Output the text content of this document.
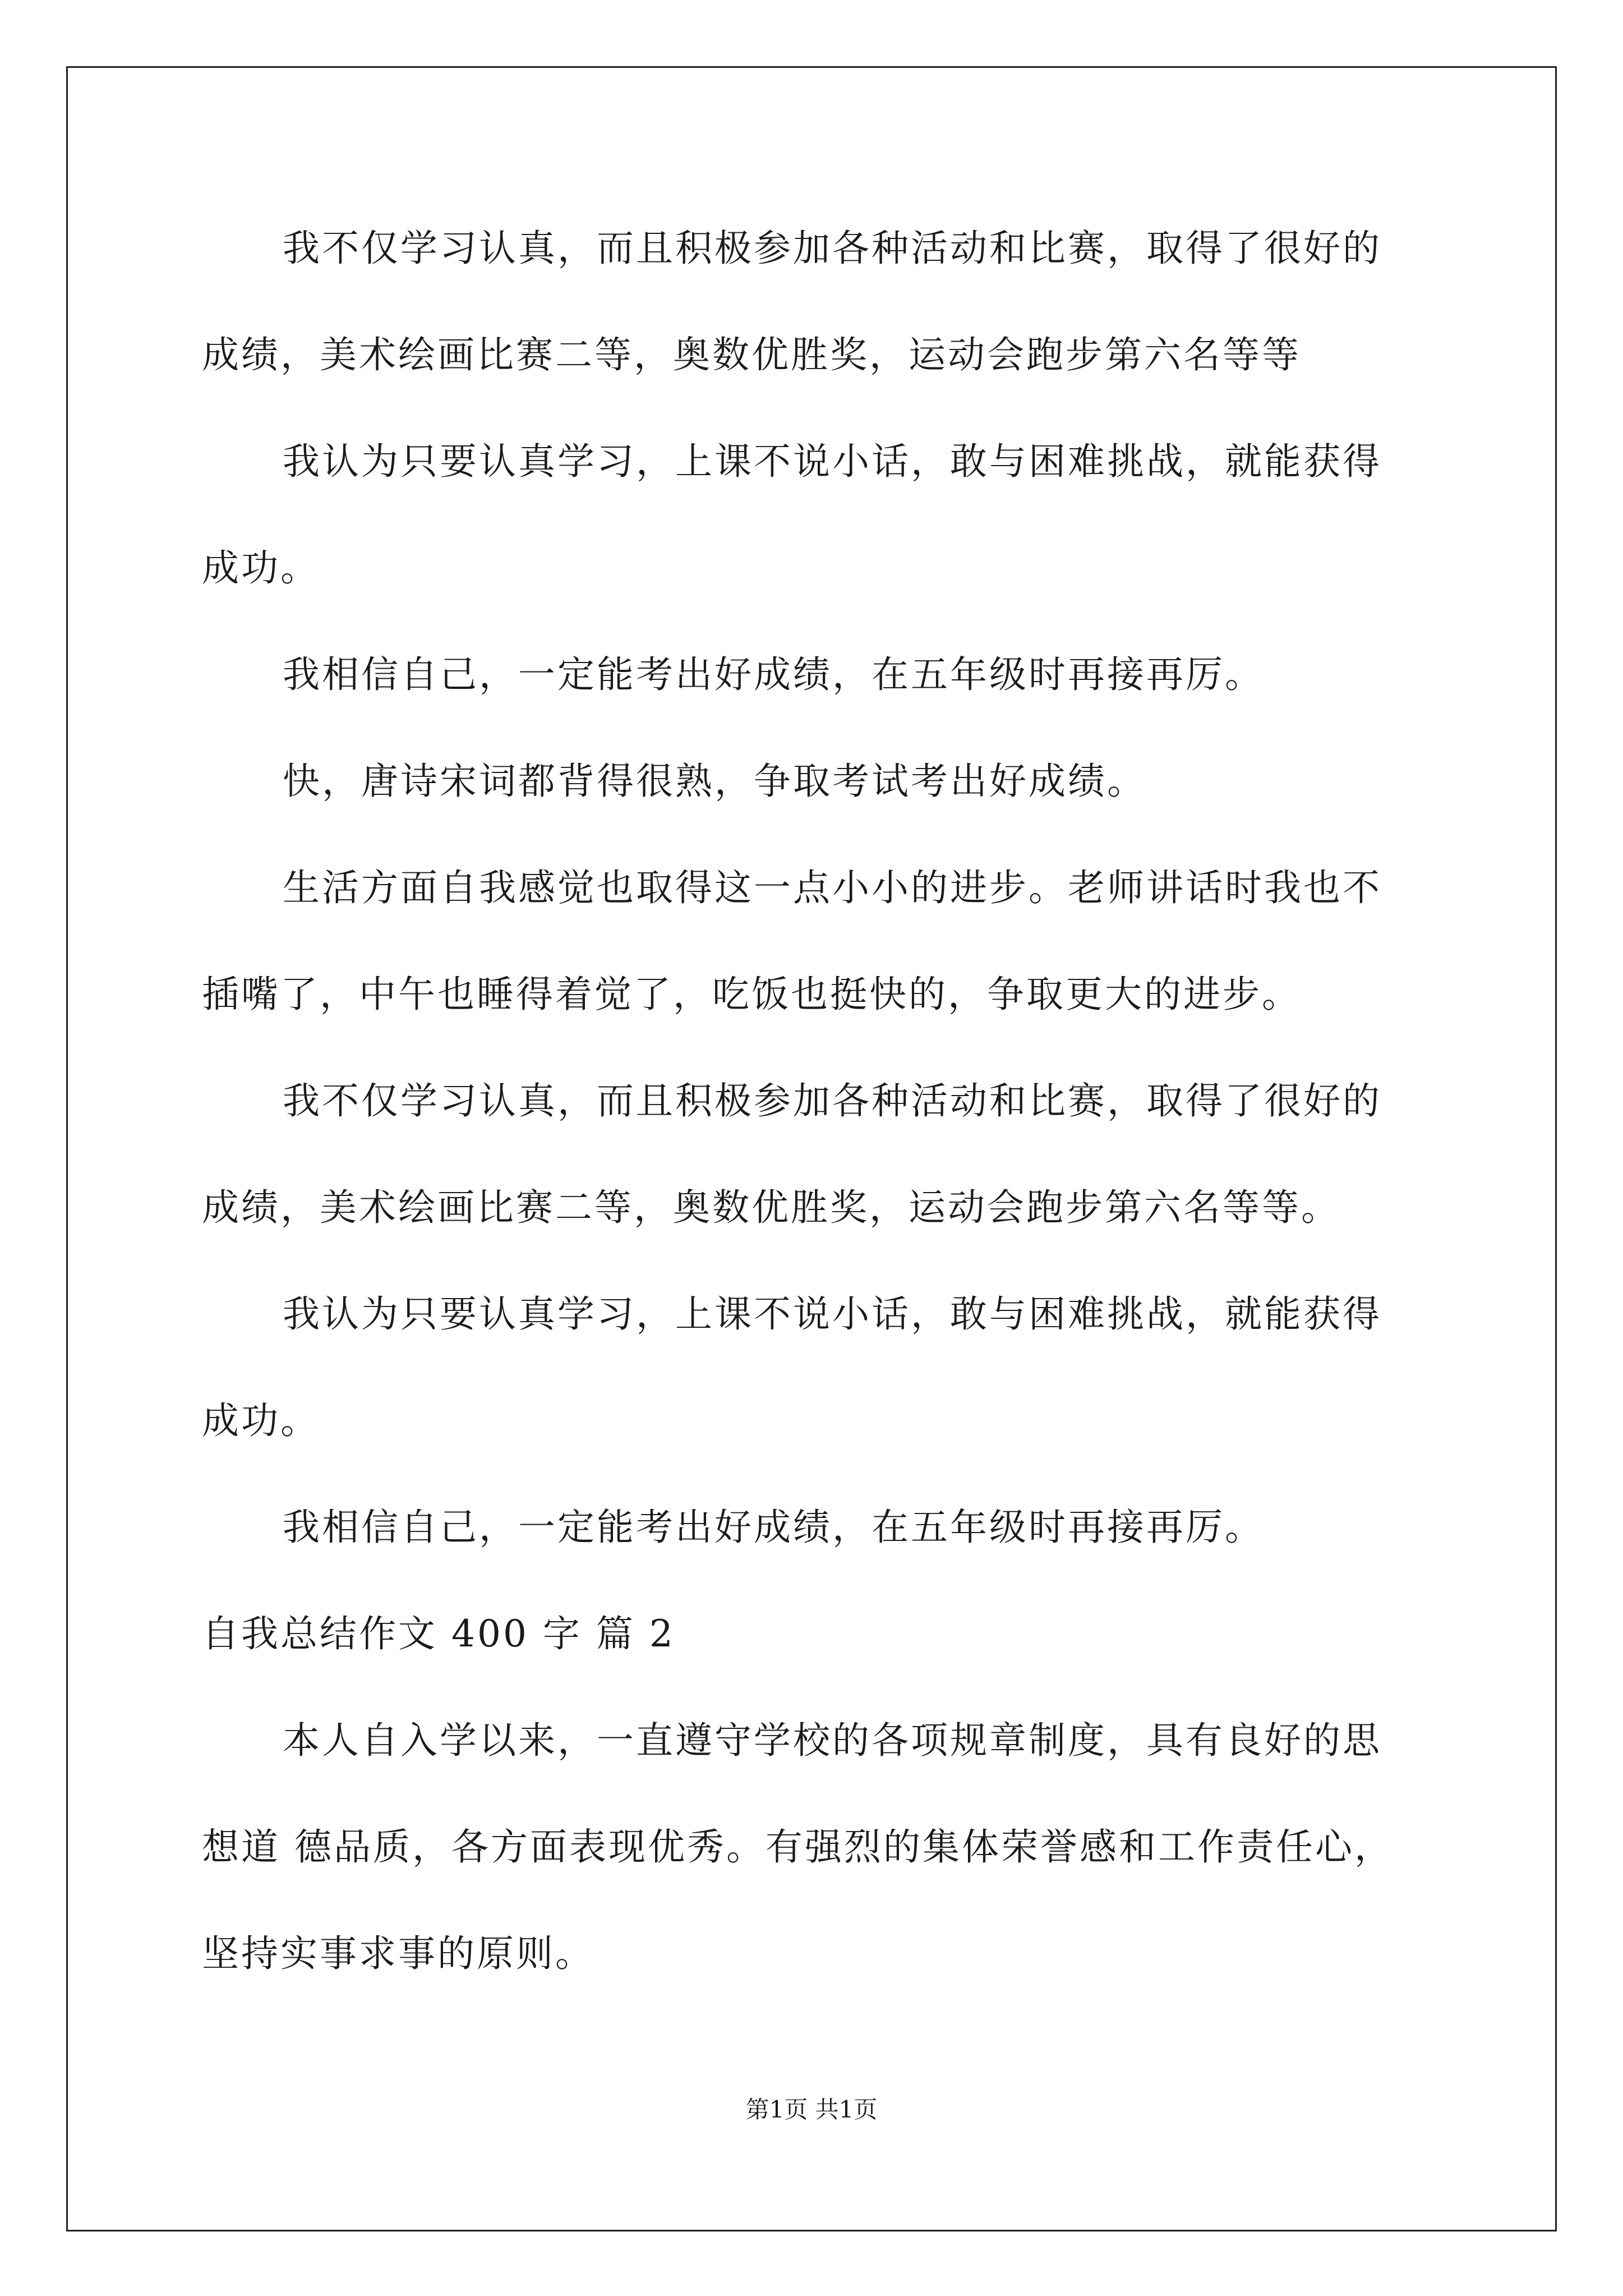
我不仅学习认真，而且积极参加各种活动和比赛，取得了很好的
成绩，美术绘画比赛二等，奥数优胜奖，运动会跑步第六名等等
我认为只要认真学习，上课不说小话，敢与困难挑战，就能获得
成功。
我相信自己，一定能考出好成绩，在五年级时再接再厉。
快，唐诗宋词都背得很熟，争取考试考出好成绩。
生活方面自我感觉也取得这一点小小的进步。老师讲话时我也不
插嘴了，中午也睡得着觉了，吃饭也挺快的，争取更大的进步。
我不仅学习认真，而且积极参加各种活动和比赛，取得了很好的
成绩，美术绘画比赛二等，奥数优胜奖，运动会跑步第六名等等。
我认为只要认真学习，上课不说小话，敢与困难挑战，就能获得
成功。
我相信自己，一定能考出好成绩，在五年级时再接再厉。
自我总结作文 400 字 篇 2
本人自入学以来，一直遵守学校的各项规章制度，具有良好的思
想道 德品质，各方面表现优秀。有强烈的集体荣誉感和工作责任心，
坚持实事求事的原则。
第1页 共1页
